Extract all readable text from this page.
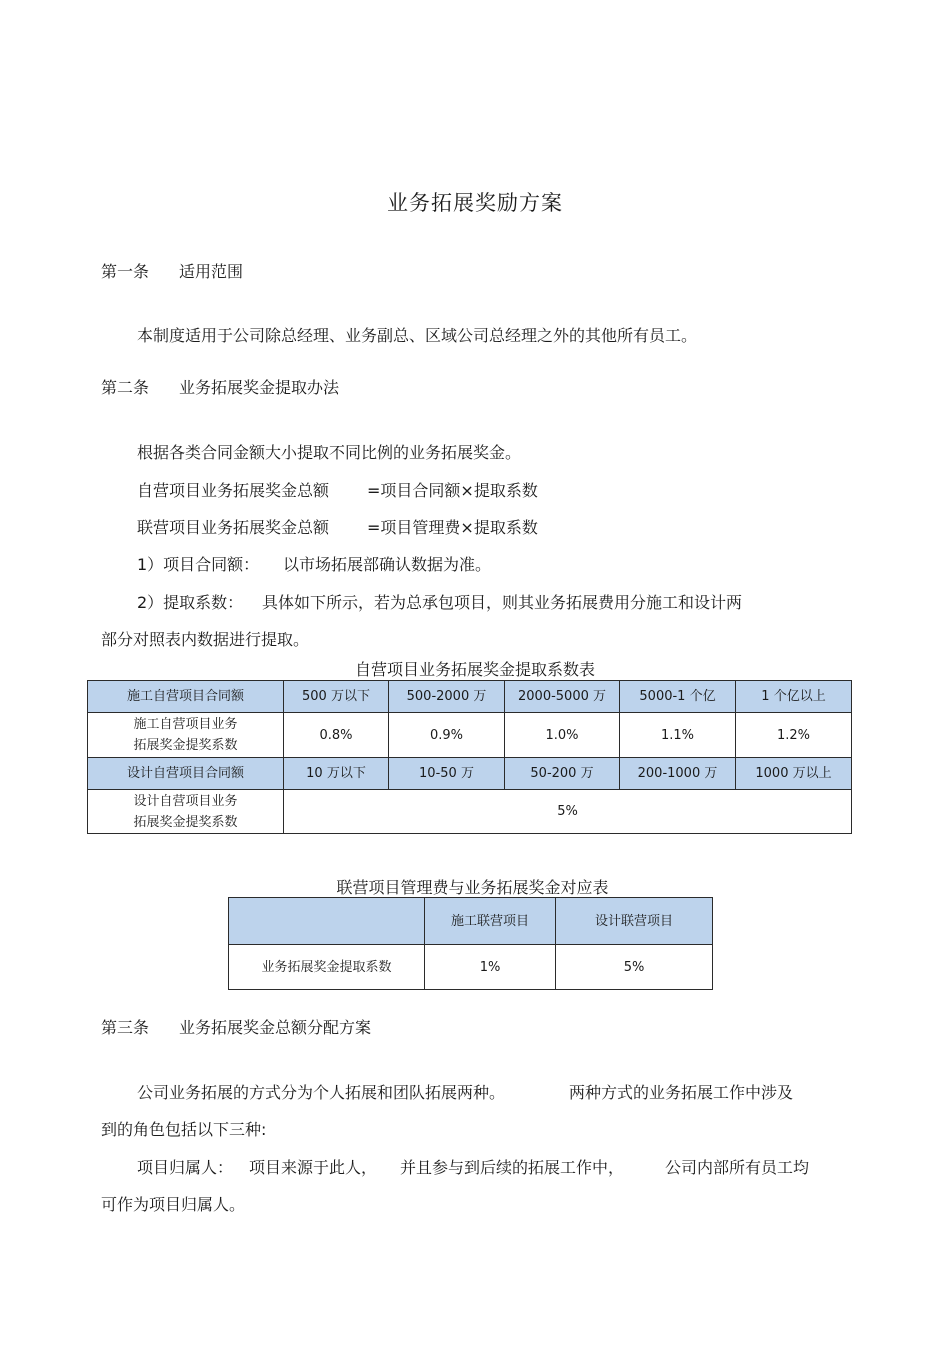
业务拓展奖励方案
第一条 适用范围
本制度适用于公司除总经理、业务副总、区域公司总经理之外的其他所有员工。
第二条 业务拓展奖金提取办法
根据各类合同金额大小提取不同比例的业务拓展奖金。
自营项目业务拓展奖金总额 =项目合同额×提取系数
联营项目业务拓展奖金总额 =项目管理费×提取系数
1）项目合同额： 以市场拓展部确认数据为准。
2）提取系数： 具体如下所示，若为总承包项目，则其业务拓展费用分施工和设计两
部分对照表内数据进行提取。
自营项目业务拓展奖金提取系数表
施工自营项目合同额	500 万以下	500-2000 万	2000-5000 万	5000-1 个亿	1 个亿以上

施工自营项目业务
拓展奖金提奖系数	0.8%	0.9%	1.0%	1.1%	1.2%
设计自营项目合同额	10 万以下	10-50 万	50-200 万	200-1000 万	1000 万以上

设计自营项目业务
拓展奖金提奖系数	5%				
联营项目管理费与业务拓展奖金对应表
	施工联营项目	设计联营项目
业务拓展奖金提取系数	1%	5%
第三条 业务拓展奖金总额分配方案
公司业务拓展的方式分为个人拓展和团队拓展两种。	两种方式的业务拓展工作中涉及
到的角色包括以下三种:
项目归属人： 项目来源于此人， 并且参与到后续的拓展工作中，	公司内部所有员工均
可作为项目归属人。
